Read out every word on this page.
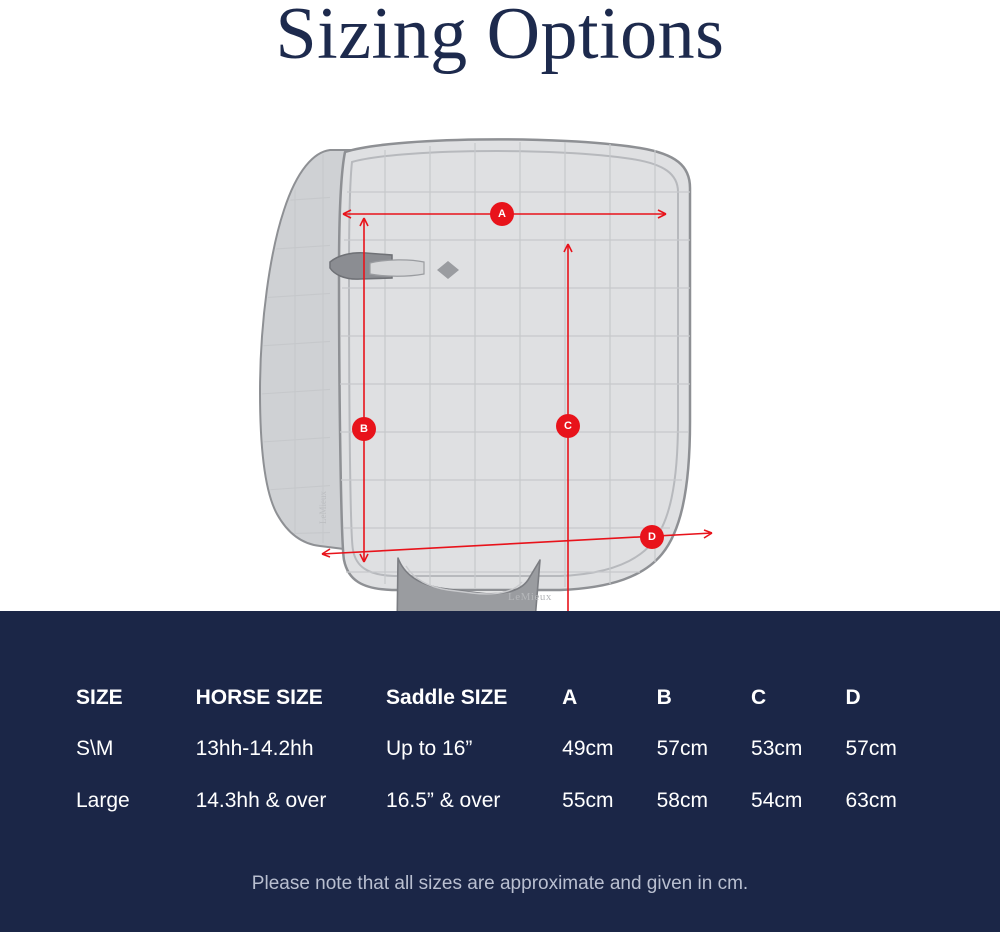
Sizing Options
LeMieux
LeMieux
A
B	C
D
SIZE	HORSE SIZE	Saddle SIZE	A	B	C	D
S\M	13hh-14.2hh	Up to 16”	49cm	57cm	53cm	57cm
Large	14.3hh & over	16.5” & over	55cm	58cm	54cm	63cm
Please note that all sizes are approximate and given in cm.
